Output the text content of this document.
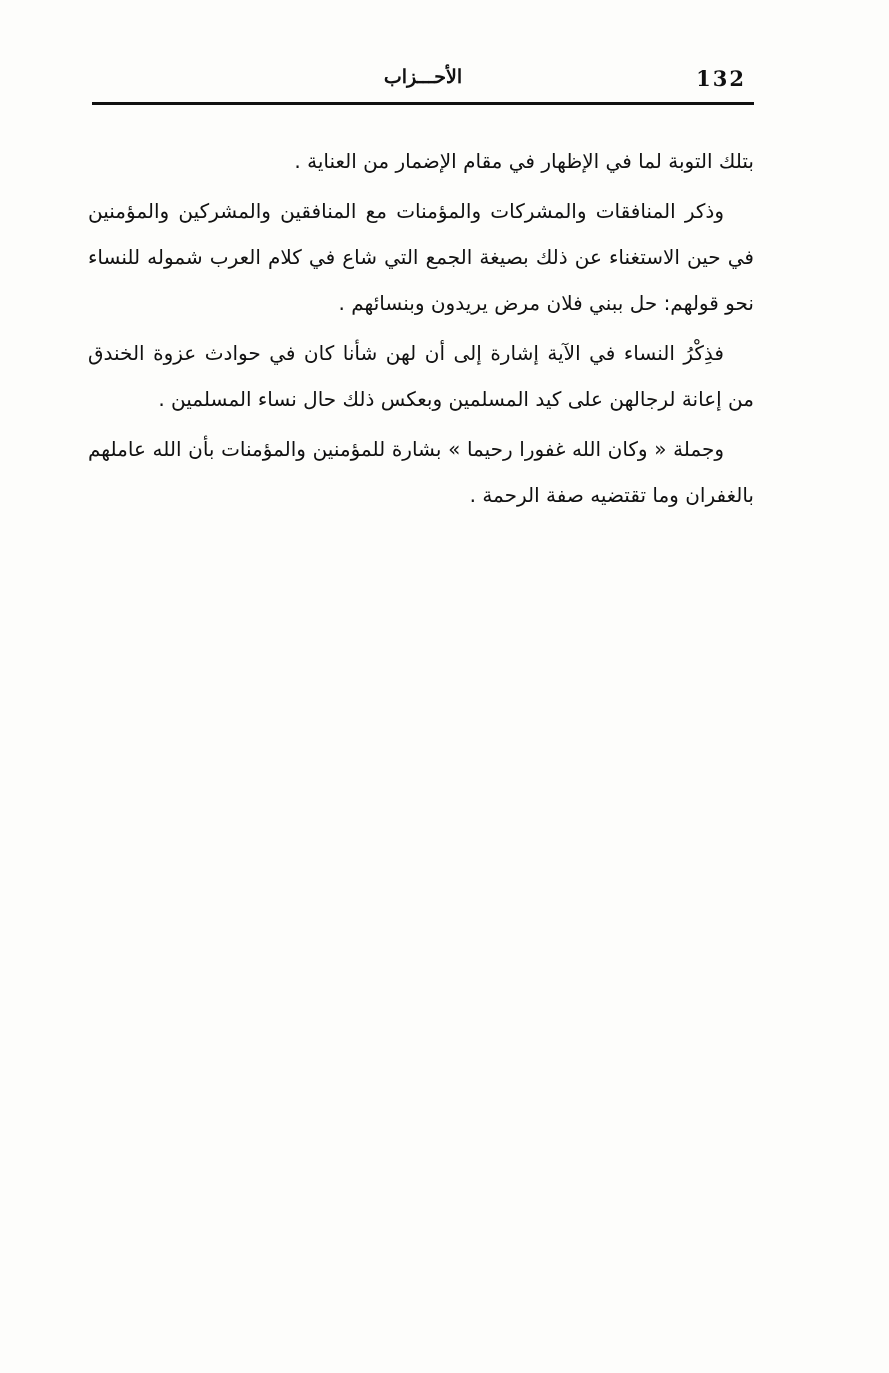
132
الأحـــزاب

بتلك التوبة لما في الإظهار في مقام الإضمار من العناية .

وذكر المنافقات والمشركات والمؤمنات مع المنافقين والمشركين والمؤمنين في حين الاستغناء عن ذلك بصيغة الجمع التي شاع في كلام العرب شموله للنساء نحو قولهم: حل ببني فلان مرض يريدون وبنسائهم .

فذِكْرُ النساء في الآية إشارة إلى أن لهن شأنا كان في حوادث عزوة الخندق من إعانة لرجالهن على كيد المسلمين وبعكس ذلك حال نساء المسلمين .

وجملة « وكان الله غفورا رحيما » بشارة للمؤمنين والمؤمنات بأن الله عاملهم بالغفران وما تقتضيه صفة الرحمة .
